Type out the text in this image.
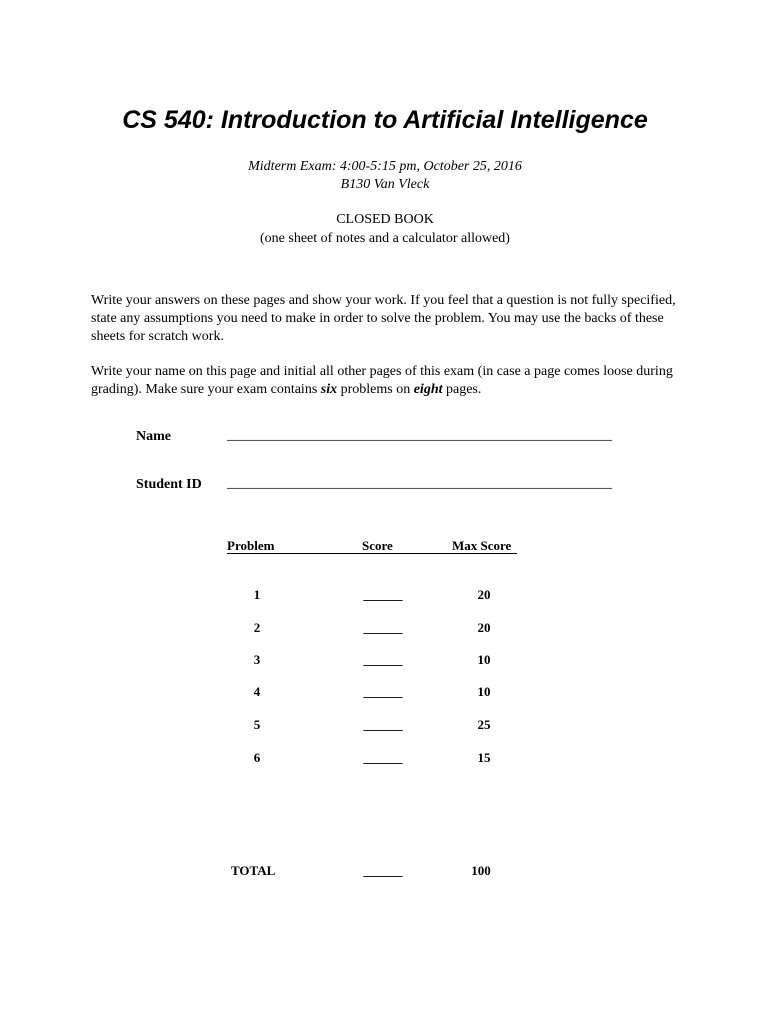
CS 540: Introduction to Artificial Intelligence
Midterm Exam: 4:00-5:15 pm, October 25, 2016
B130 Van Vleck
CLOSED BOOK
(one sheet of notes and a calculator allowed)
Write your answers on these pages and show your work. If you feel that a question is not fully specified, state any assumptions you need to make in order to solve the problem. You may use the backs of these sheets for scratch work.
Write your name on this page and initial all other pages of this exam (in case a page comes loose during grading). Make sure your exam contains six problems on eight pages.
Name	_______________________________________________________
Student ID _______________________________________________________
Problem	Score	Max Score
1	______	20
2	______	20
3	______	10
4	______	10
5	______	25
6	______	15
TOTAL	______	100
